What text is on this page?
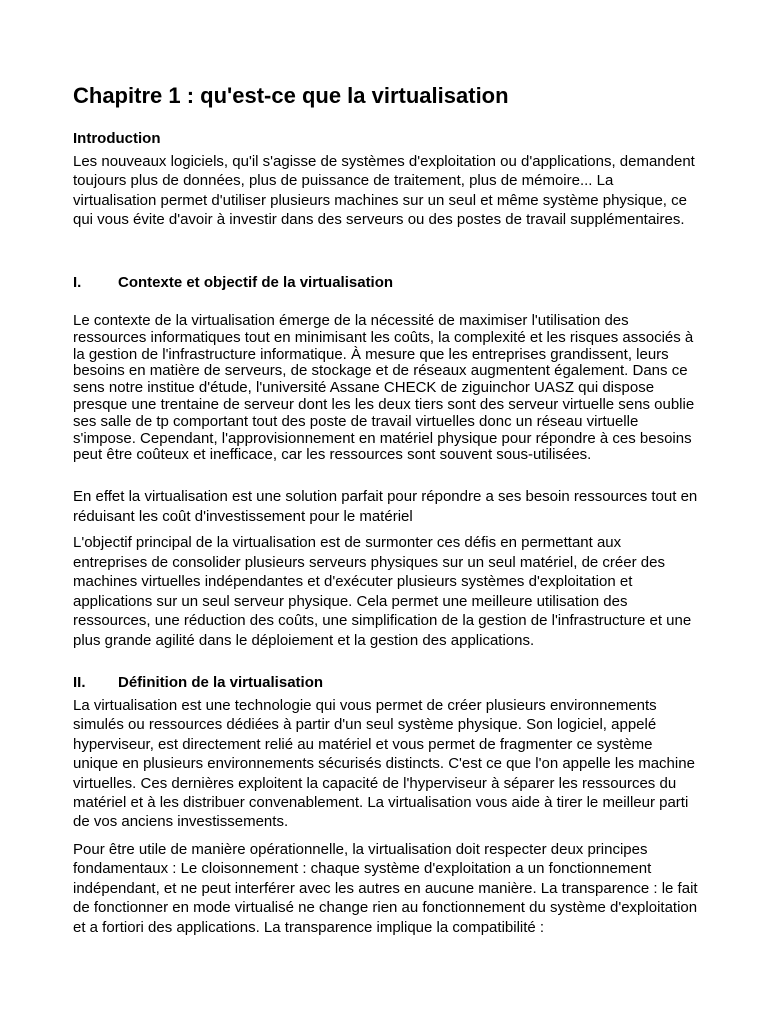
Chapitre 1 : qu'est-ce que la virtualisation
Introduction

Les nouveaux logiciels, qu'il s'agisse de systèmes d'exploitation ou d'applications, demandent toujours plus de données, plus de puissance de traitement, plus de mémoire... La virtualisation permet d'utiliser plusieurs machines sur un seul et même système physique, ce qui vous évite d'avoir à investir dans des serveurs ou des postes de travail supplémentaires.

I. Contexte et objectif de la virtualisation

Le contexte de la virtualisation émerge de la nécessité de maximiser l'utilisation des ressources informatiques tout en minimisant les coûts, la complexité et les risques associés à la gestion de l'infrastructure informatique. À mesure que les entreprises grandissent, leurs besoins en matière de serveurs, de stockage et de réseaux augmentent également. Dans ce sens notre institue d'étude, l'université Assane CHECK de ziguinchor UASZ qui dispose presque une trentaine de serveur dont les les deux tiers sont des serveur virtuelle sens oublie ses salle de tp comportant tout des poste de travail virtuelles donc un réseau virtuelle s'impose. Cependant, l'approvisionnement en matériel physique pour répondre à ces besoins peut être coûteux et inefficace, car les ressources sont souvent sous-utilisées.

En effet la virtualisation est une solution parfait pour répondre a ses besoin ressources tout en réduisant les coût d'investissement pour le matériel

L'objectif principal de la virtualisation est de surmonter ces défis en permettant aux entreprises de consolider plusieurs serveurs physiques sur un seul matériel, de créer des machines virtuelles indépendantes et d'exécuter plusieurs systèmes d'exploitation et applications sur un seul serveur physique. Cela permet une meilleure utilisation des ressources, une réduction des coûts, une simplification de la gestion de l'infrastructure et une plus grande agilité dans le déploiement et la gestion des applications.

II. Définition de la virtualisation

La virtualisation est une technologie qui vous permet de créer plusieurs environnements simulés ou ressources dédiées à partir d'un seul système physique. Son logiciel, appelé hyperviseur, est directement relié au matériel et vous permet de fragmenter ce système unique en plusieurs environnements sécurisés distincts. C'est ce que l'on appelle les machine virtuelles. Ces dernières exploitent la capacité de l'hyperviseur à séparer les ressources du matériel et à les distribuer convenablement. La virtualisation vous aide à tirer le meilleur parti de vos anciens investissements.

Pour être utile de manière opérationnelle, la virtualisation doit respecter deux principes fondamentaux : Le cloisonnement : chaque système d'exploitation a un fonctionnement indépendant, et ne peut interférer avec les autres en aucune manière. La transparence : le fait de fonctionner en mode virtualisé ne change rien au fonctionnement du système d'exploitation et a fortiori des applications. La transparence implique la compatibilité :
